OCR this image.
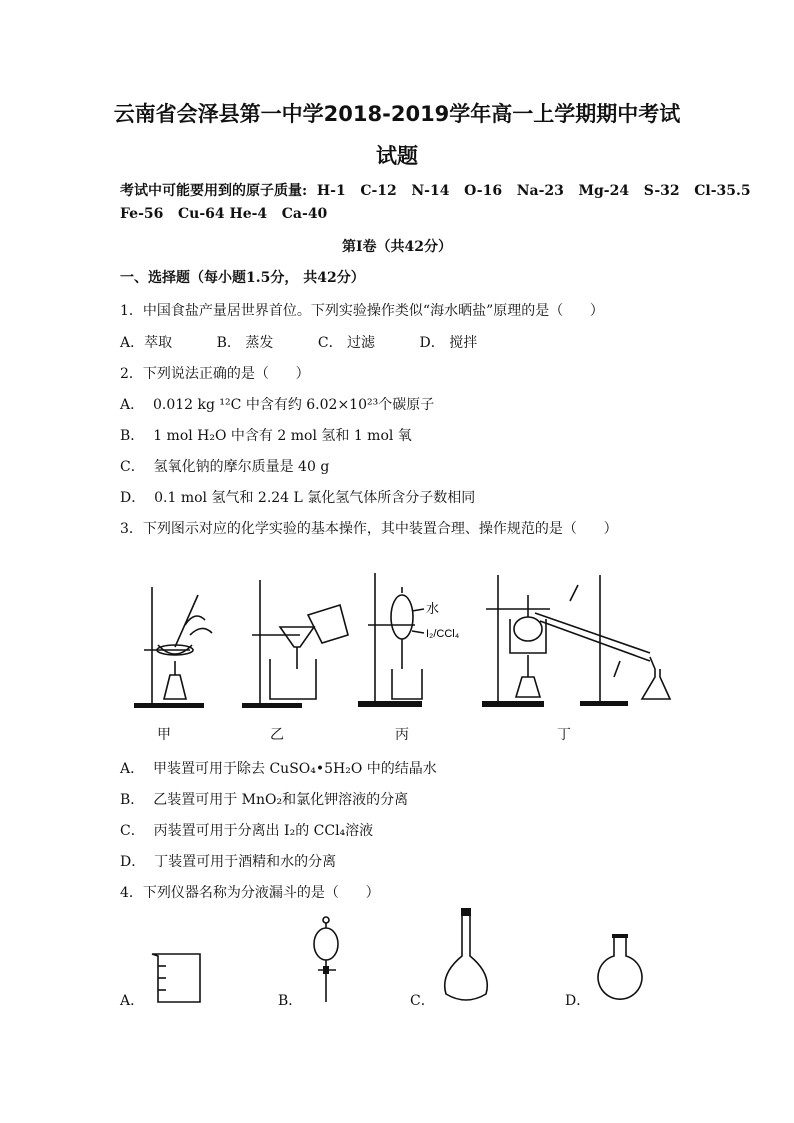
云南省会泽县第一中学2018-2019学年高一上学期期中考试
试题
考试中可能要用到的原子质量:  H-1   C-12   N-14   O-16   Na-23   Mg-24   S-32   Cl-35.5
Fe-56   Cu-64 He-4   Ca-40
第Ⅰ卷（共42分）
一、选择题（每小题1.5分， 共42分）
1．中国食盐产量居世界首位。下列实验操作类似“海水晒盐”原理的是（      ）
A．萃取          B． 蒸发          C． 过滤          D． 搅拌
2．下列说法正确的是（      ）
A．  0.012 kg ¹²C 中含有约 6.02×10²³个碳原子
B．  1 mol H₂O 中含有 2 mol 氢和 1 mol 氧
C．  氢氧化钠的摩尔质量是 40 g
D．  0.1 mol 氢气和 2.24 L 氯化氢气体所含分子数相同
3．下列图示对应的化学实验的基本操作，其中装置合理、操作规范的是（      ）
水
I₂/CCl₄
甲	乙	丙	丁
A．  甲装置可用于除去 CuSO₄•5H₂O 中的结晶水
B．  乙装置可用于 MnO₂和氯化钾溶液的分离
C．  丙装置可用于分离出 I₂的 CCl₄溶液
D．  丁装置可用于酒精和水的分离
4．下列仪器名称为分液漏斗的是（      ）
A．	B．	C．	D．
